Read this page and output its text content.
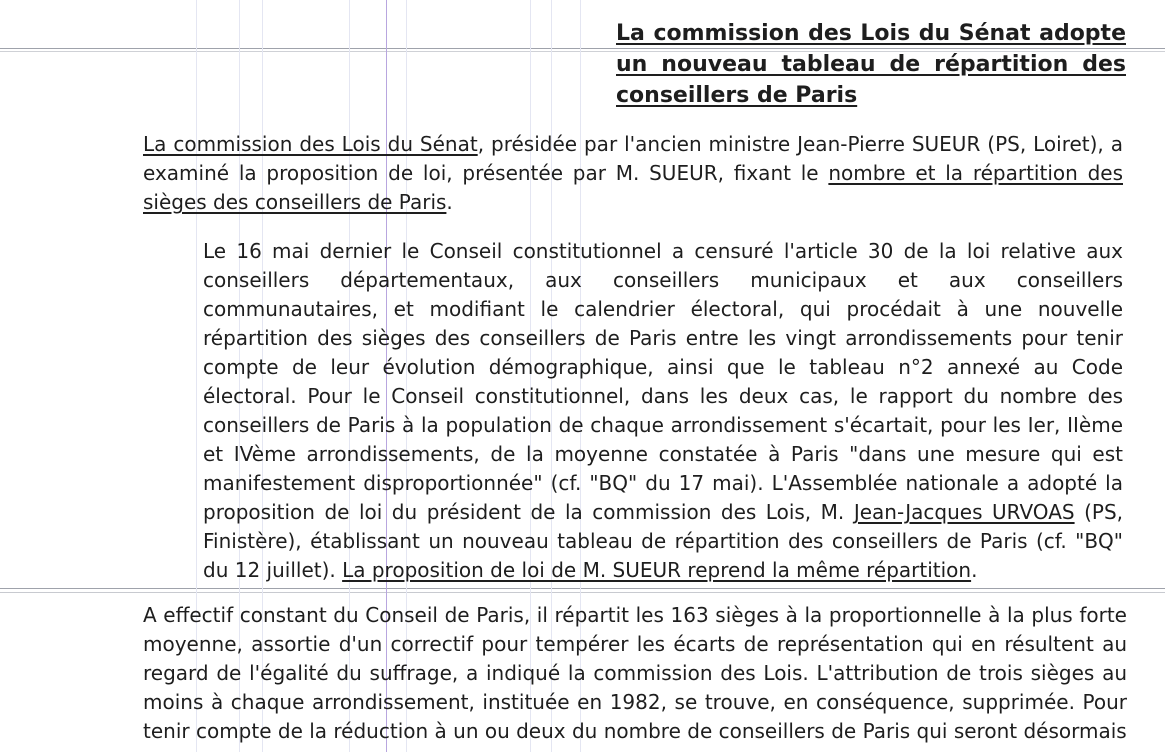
La commission des Lois du Sénat adopte un nouveau tableau de répartition des conseillers de Paris

La commission des Lois du Sénat, présidée par l'ancien ministre Jean-Pierre SUEUR (PS, Loiret), a examiné la proposition de loi, présentée par M. SUEUR, fixant le nombre et la répartition des sièges des conseillers de Paris.

Le 16 mai dernier le Conseil constitutionnel a censuré l'article 30 de la loi relative aux conseillers départementaux, aux conseillers municipaux et aux conseillers communautaires, et modifiant le calendrier électoral, qui procédait à une nouvelle répartition des sièges des conseillers de Paris entre les vingt arrondissements pour tenir compte de leur évolution démographique, ainsi que le tableau n°2 annexé au Code électoral. Pour le Conseil constitutionnel, dans les deux cas, le rapport du nombre des conseillers de Paris à la population de chaque arrondissement s'écartait, pour les Ier, IIème et IVème arrondissements, de la moyenne constatée à Paris "dans une mesure qui est manifestement disproportionnée" (cf. "BQ" du 17 mai). L'Assemblée nationale a adopté la proposition de loi du président de la commission des Lois, M. Jean-Jacques URVOAS (PS, Finistère), établissant un nouveau tableau de répartition des conseillers de Paris (cf. "BQ" du 12 juillet). La proposition de loi de M. SUEUR reprend la même répartition.

A effectif constant du Conseil de Paris, il répartit les 163 sièges à la proportionnelle à la plus forte moyenne, assortie d'un correctif pour tempérer les écarts de représentation qui en résultent au regard de l'égalité du suffrage, a indiqué la commission des Lois. L'attribution de trois sièges au moins à chaque arrondissement, instituée en 1982, se trouve, en conséquence, supprimée. Pour tenir compte de la réduction à un ou deux du nombre de conseillers de Paris qui seront désormais
